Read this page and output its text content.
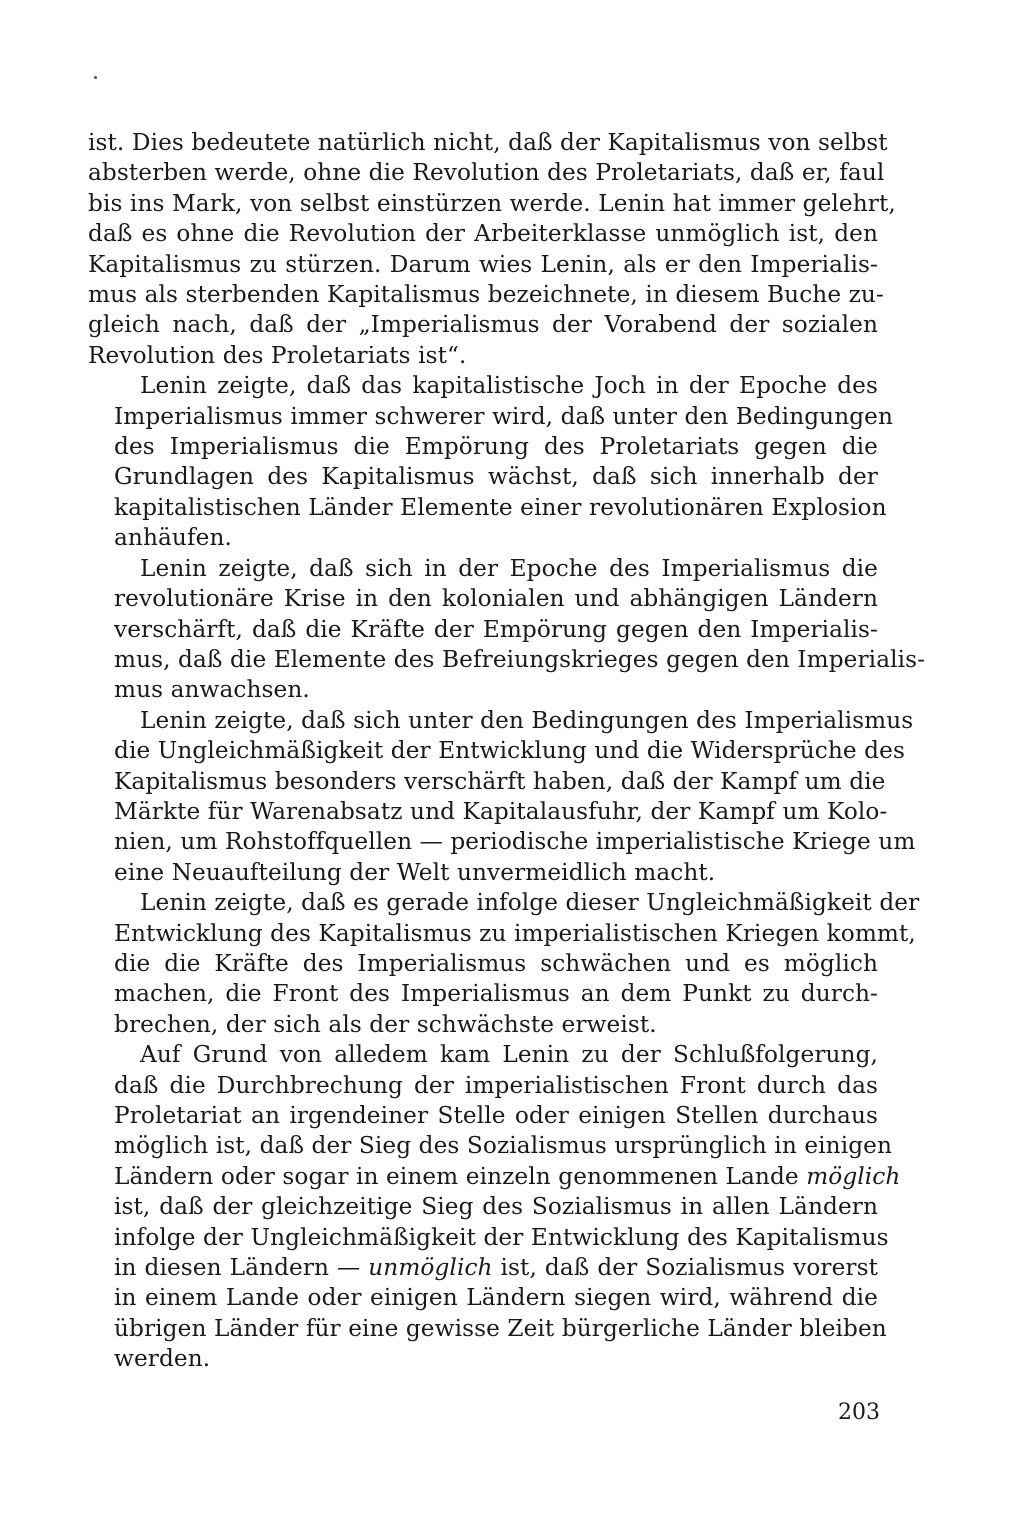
ist. Dies bedeutete natürlich nicht, daß der Kapitalismus von selbst
absterben werde, ohne die Revolution des Proletariats, daß er, faul
bis ins Mark, von selbst einstürzen werde. Lenin hat immer gelehrt,
daß es ohne die Revolution der Arbeiterklasse unmöglich ist, den
Kapitalismus zu stürzen. Darum wies Lenin, als er den Imperialis-
mus als sterbenden Kapitalismus bezeichnete, in diesem Buche zu-
gleich nach, daß der „Imperialismus der Vorabend der sozialen
Revolution des Proletariats ist“.

Lenin zeigte, daß das kapitalistische Joch in der Epoche des
Imperialismus immer schwerer wird, daß unter den Bedingungen
des Imperialismus die Empörung des Proletariats gegen die
Grundlagen des Kapitalismus wächst, daß sich innerhalb der
kapitalistischen Länder Elemente einer revolutionären Explosion
anhäufen.

Lenin zeigte, daß sich in der Epoche des Imperialismus die
revolutionäre Krise in den kolonialen und abhängigen Ländern
verschärft, daß die Kräfte der Empörung gegen den Imperialis-
mus, daß die Elemente des Befreiungskrieges gegen den Imperialis-
mus anwachsen.

Lenin zeigte, daß sich unter den Bedingungen des Imperialismus
die Ungleichmäßigkeit der Entwicklung und die Widersprüche des
Kapitalismus besonders verschärft haben, daß der Kampf um die
Märkte für Warenabsatz und Kapitalausfuhr, der Kampf um Kolo-
nien, um Rohstoffquellen — periodische imperialistische Kriege um
eine Neuaufteilung der Welt unvermeidlich macht.

Lenin zeigte, daß es gerade infolge dieser Ungleichmäßigkeit der
Entwicklung des Kapitalismus zu imperialistischen Kriegen kommt,
die die Kräfte des Imperialismus schwächen und es möglich
machen, die Front des Imperialismus an dem Punkt zu durch-
brechen, der sich als der schwächste erweist.

Auf Grund von alledem kam Lenin zu der Schlußfolgerung,
daß die Durchbrechung der imperialistischen Front durch das
Proletariat an irgendeiner Stelle oder einigen Stellen durchaus
möglich ist, daß der Sieg des Sozialismus ursprünglich in einigen
Ländern oder sogar in einem einzeln genommenen Lande möglich
ist, daß der gleichzeitige Sieg des Sozialismus in allen Ländern
infolge der Ungleichmäßigkeit der Entwicklung des Kapitalismus
in diesen Ländern — unmöglich ist, daß der Sozialismus vorerst
in einem Lande oder einigen Ländern siegen wird, während die
übrigen Länder für eine gewisse Zeit bürgerliche Länder bleiben
werden.

203
